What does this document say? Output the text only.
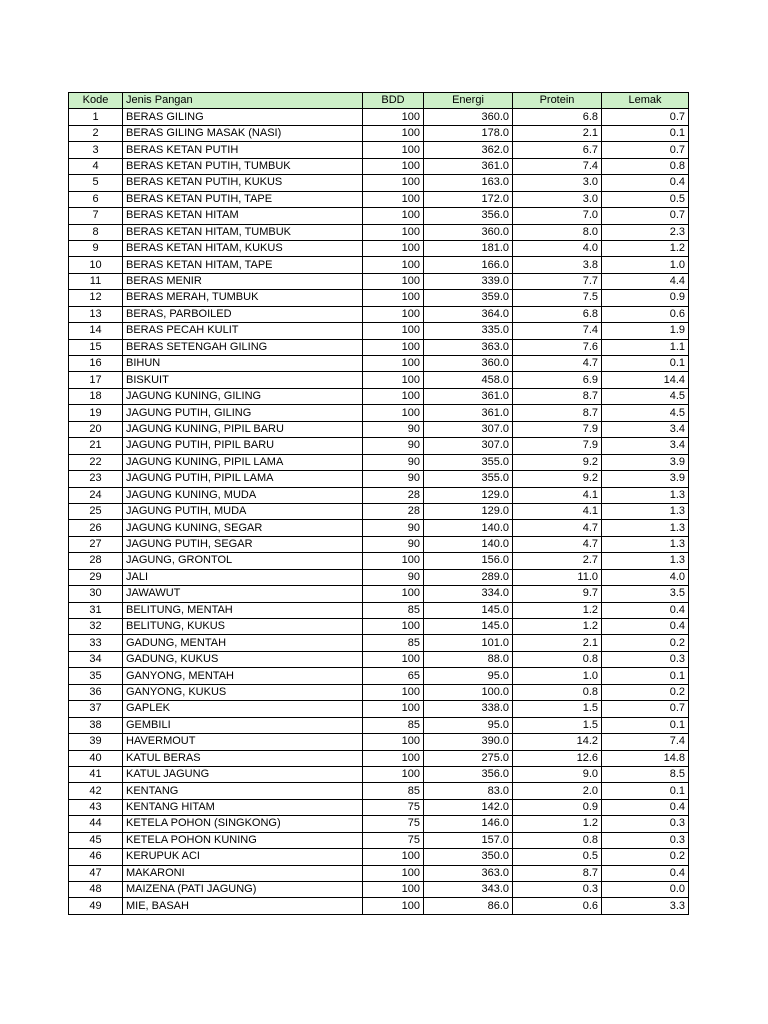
Kode	Jenis Pangan	BDD	Energi	Protein	Lemak
1	BERAS GILING	100	360.0	6.8	0.7
2	BERAS GILING MASAK (NASI)	100	178.0	2.1	0.1
3	BERAS KETAN PUTIH	100	362.0	6.7	0.7
4	BERAS KETAN PUTIH, TUMBUK	100	361.0	7.4	0.8
5	BERAS KETAN PUTIH, KUKUS	100	163.0	3.0	0.4
6	BERAS KETAN PUTIH, TAPE	100	172.0	3.0	0.5
7	BERAS KETAN HITAM	100	356.0	7.0	0.7
8	BERAS KETAN HITAM, TUMBUK	100	360.0	8.0	2.3
9	BERAS KETAN HITAM, KUKUS	100	181.0	4.0	1.2
10	BERAS KETAN HITAM, TAPE	100	166.0	3.8	1.0
11	BERAS MENIR	100	339.0	7.7	4.4
12	BERAS MERAH, TUMBUK	100	359.0	7.5	0.9
13	BERAS, PARBOILED	100	364.0	6.8	0.6
14	BERAS PECAH KULIT	100	335.0	7.4	1.9
15	BERAS SETENGAH GILING	100	363.0	7.6	1.1
16	BIHUN	100	360.0	4.7	0.1
17	BISKUIT	100	458.0	6.9	14.4
18	JAGUNG KUNING, GILING	100	361.0	8.7	4.5
19	JAGUNG PUTIH, GILING	100	361.0	8.7	4.5
20	JAGUNG KUNING, PIPIL BARU	90	307.0	7.9	3.4
21	JAGUNG PUTIH, PIPIL BARU	90	307.0	7.9	3.4
22	JAGUNG KUNING, PIPIL LAMA	90	355.0	9.2	3.9
23	JAGUNG PUTIH, PIPIL LAMA	90	355.0	9.2	3.9
24	JAGUNG KUNING, MUDA	28	129.0	4.1	1.3
25	JAGUNG PUTIH, MUDA	28	129.0	4.1	1.3
26	JAGUNG KUNING, SEGAR	90	140.0	4.7	1.3
27	JAGUNG PUTIH, SEGAR	90	140.0	4.7	1.3
28	JAGUNG, GRONTOL	100	156.0	2.7	1.3
29	JALI	90	289.0	11.0	4.0
30	JAWAWUT	100	334.0	9.7	3.5
31	BELITUNG, MENTAH	85	145.0	1.2	0.4
32	BELITUNG, KUKUS	100	145.0	1.2	0.4
33	GADUNG, MENTAH	85	101.0	2.1	0.2
34	GADUNG, KUKUS	100	88.0	0.8	0.3
35	GANYONG, MENTAH	65	95.0	1.0	0.1
36	GANYONG, KUKUS	100	100.0	0.8	0.2
37	GAPLEK	100	338.0	1.5	0.7
38	GEMBILI	85	95.0	1.5	0.1
39	HAVERMOUT	100	390.0	14.2	7.4
40	KATUL BERAS	100	275.0	12.6	14.8
41	KATUL JAGUNG	100	356.0	9.0	8.5
42	KENTANG	85	83.0	2.0	0.1
43	KENTANG HITAM	75	142.0	0.9	0.4
44	KETELA POHON (SINGKONG)	75	146.0	1.2	0.3
45	KETELA POHON KUNING	75	157.0	0.8	0.3
46	KERUPUK ACI	100	350.0	0.5	0.2
47	MAKARONI	100	363.0	8.7	0.4
48	MAIZENA (PATI JAGUNG)	100	343.0	0.3	0.0
49	MIE, BASAH	100	86.0	0.6	3.3
